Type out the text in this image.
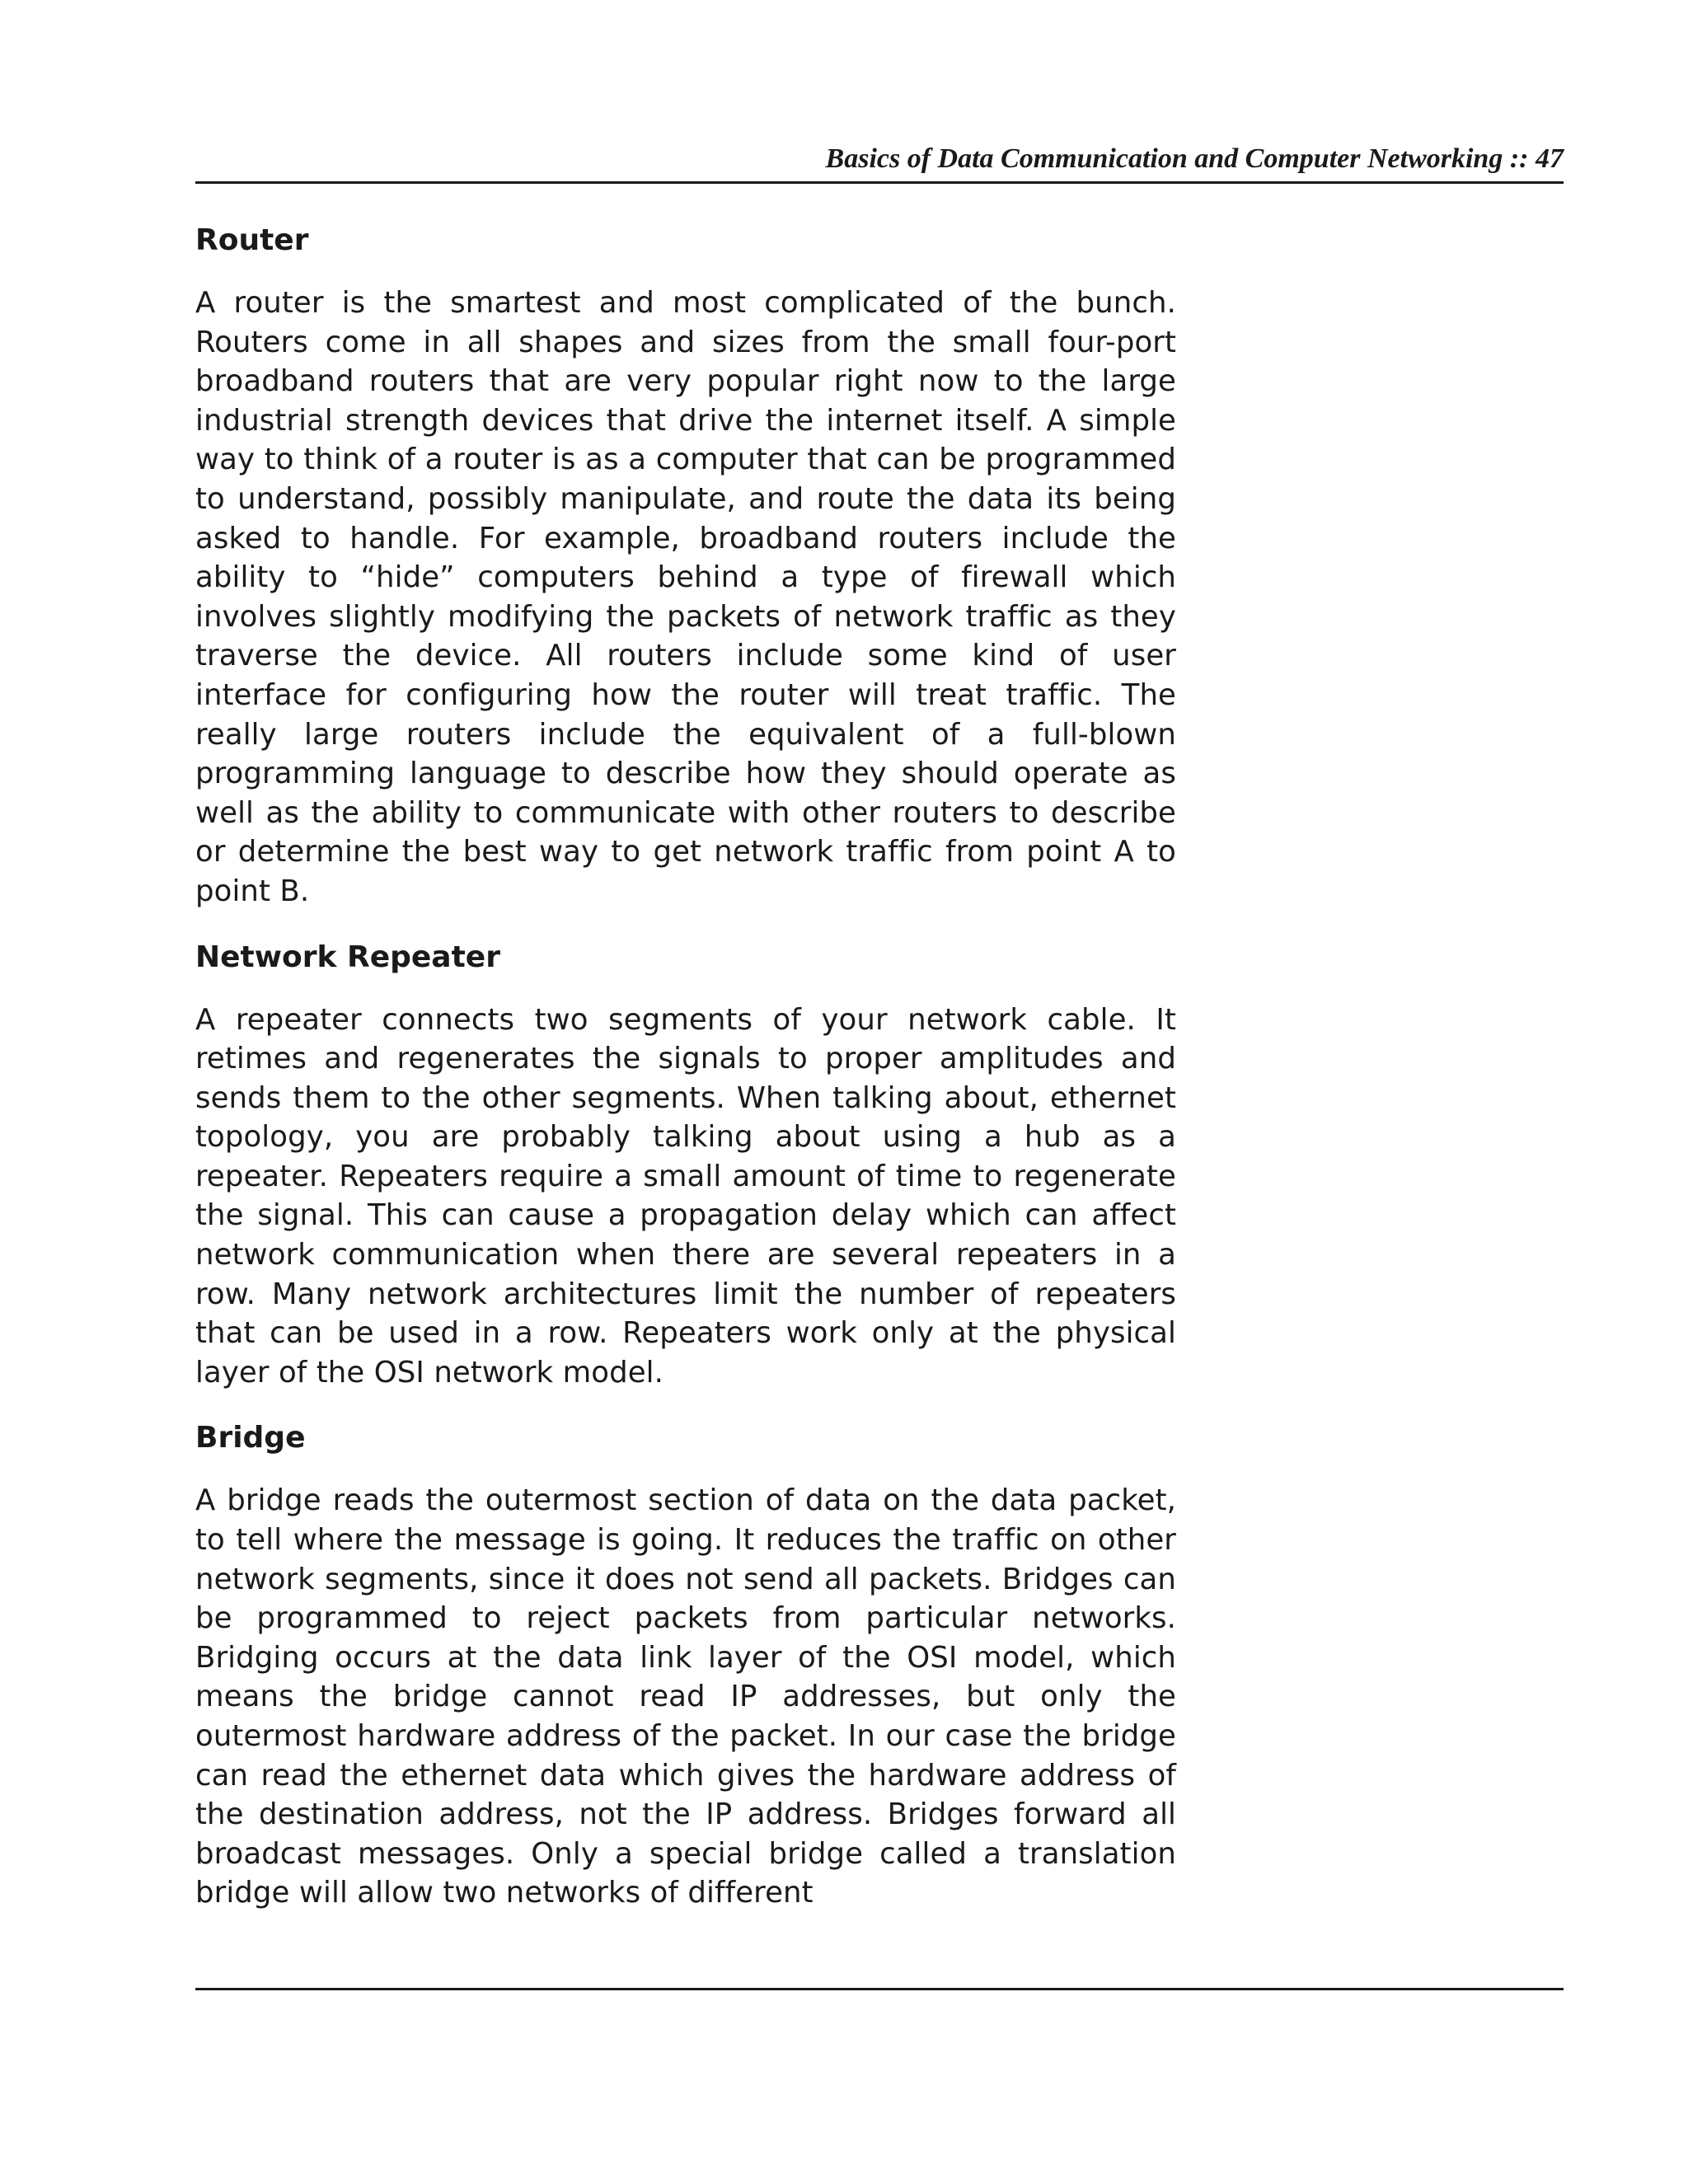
Basics of Data Communication and Computer Networking :: 47

Router

A router is the smartest and most complicated of the bunch. Routers come in all shapes and sizes from the small four-port broadband routers that are very popular right now to the large industrial strength devices that drive the internet itself. A simple way to think of a router is as a computer that can be programmed to understand, possibly manipulate, and route the data its being asked to handle. For example, broadband routers include the ability to “hide” computers behind a type of firewall which involves slightly modifying the packets of network traffic as they traverse the device. All routers include some kind of user interface for configuring how the router will treat traffic. The really large routers include the equivalent of a full-blown programming language to describe how they should operate as well as the ability to communicate with other routers to describe or determine the best way to get network traffic from point A to point B.

Network Repeater

A repeater connects two segments of your network cable. It retimes and regenerates the signals to proper amplitudes and sends them to the other segments. When talking about, ethernet topology, you are probably talking about using a hub as a repeater. Repeaters require a small amount of time to regenerate the signal. This can cause a propagation delay which can affect network communication when there are several repeaters in a row. Many network architectures limit the number of repeaters that can be used in a row. Repeaters work only at the physical layer of the OSI network model.

Bridge

A bridge reads the outermost section of data on the data packet, to tell where the message is going. It reduces the traffic on other network segments, since it does not send all packets. Bridges can be programmed to reject packets from particular networks. Bridging occurs at the data link layer of the OSI model, which means the bridge cannot read IP addresses, but only the outermost hardware address of the packet. In our case the bridge can read the ethernet data which gives the hardware address of the destination address, not the IP address. Bridges forward all broadcast messages. Only a special bridge called a translation bridge will allow two networks of different
